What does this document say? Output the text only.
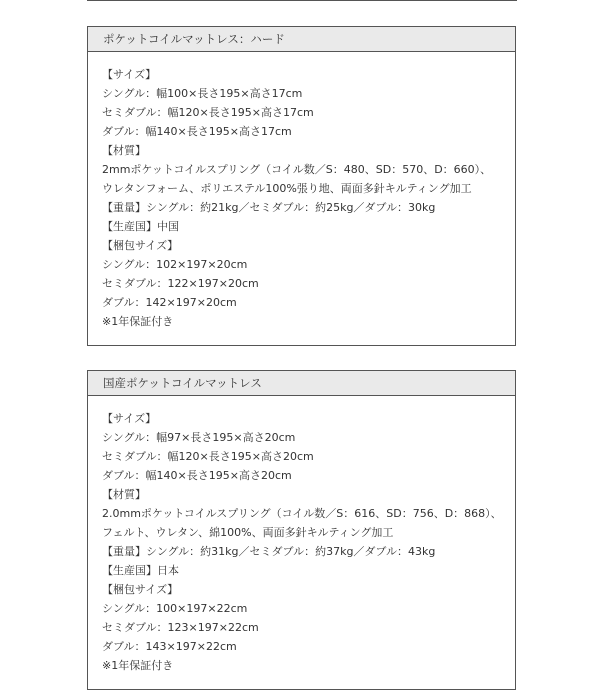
ポケットコイルマットレス：ハード
【サイズ】
シングル：幅100×長さ195×高さ17cm
セミダブル：幅120×長さ195×高さ17cm
ダブル：幅140×長さ195×高さ17cm
【材質】
2mmポケットコイルスプリング（コイル数／S：480、SD：570、D：660）、
ウレタンフォーム、ポリエステル100%張り地、両面多針キルティング加工
【重量】シングル：約21kg／セミダブル：約25kg／ダブル：30kg
【生産国】中国
【梱包サイズ】
シングル：102×197×20cm
セミダブル：122×197×20cm
ダブル：142×197×20cm
※1年保証付き
国産ポケットコイルマットレス
【サイズ】
シングル：幅97×長さ195×高さ20cm
セミダブル：幅120×長さ195×高さ20cm
ダブル：幅140×長さ195×高さ20cm
【材質】
2.0mmポケットコイルスプリング（コイル数／S：616、SD：756、D：868）、
フェルト、ウレタン、綿100%、両面多針キルティング加工
【重量】シングル：約31kg／セミダブル：約37kg／ダブル：43kg
【生産国】日本
【梱包サイズ】
シングル：100×197×22cm
セミダブル：123×197×22cm
ダブル：143×197×22cm
※1年保証付き
